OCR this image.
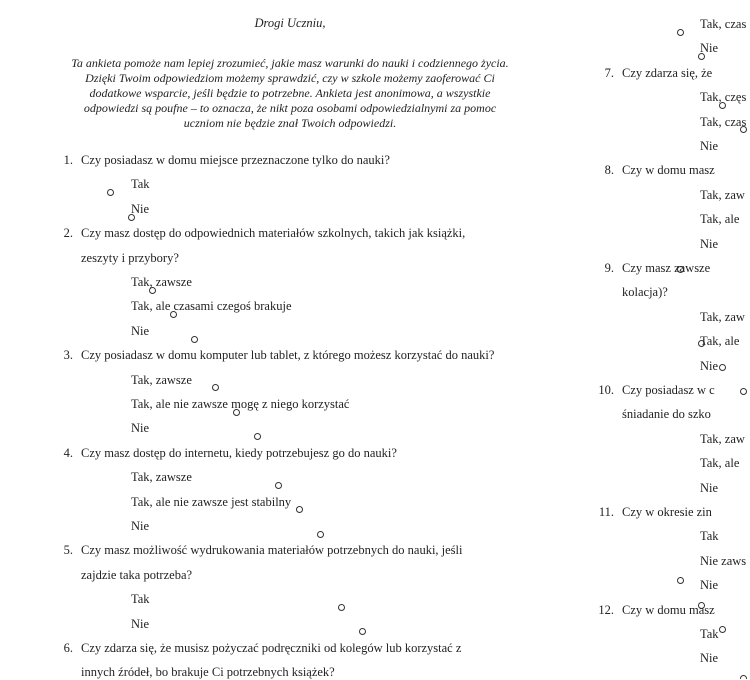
Drogi Uczniu,
Ta ankieta pomoże nam lepiej zrozumieć, jakie masz warunki do nauki i codziennego życia.
Dzięki Twoim odpowiedziom możemy sprawdzić, czy w szkole możemy zaoferować Ci
dodatkowe wsparcie, jeśli będzie to potrzebne. Ankieta jest anonimowa, a wszystkie
odpowiedzi są poufne – to oznacza, że nikt poza osobami odpowiedzialnymi za pomoc
uczniom nie będzie znał Twoich odpowiedzi.
1. Czy posiadasz w domu miejsce przeznaczone tylko do nauki?
Tak
Nie
2. Czy masz dostęp do odpowiednich materiałów szkolnych, takich jak książki,
zeszyty i przybory?
Tak, zawsze
Tak, ale czasami czegoś brakuje
Nie
3. Czy posiadasz w domu komputer lub tablet, z którego możesz korzystać do nauki?
Tak, zawsze
Tak, ale nie zawsze mogę z niego korzystać
Nie
4. Czy masz dostęp do internetu, kiedy potrzebujesz go do nauki?
Tak, zawsze
Tak, ale nie zawsze jest stabilny
Nie
5. Czy masz możliwość wydrukowania materiałów potrzebnych do nauki, jeśli
zajdzie taka potrzeba?
Tak
Nie
6. Czy zdarza się, że musisz pożyczać podręczniki od kolegów lub korzystać z
innych źródeł, bo brakuje Ci potrzebnych książek?
Tak, czas
Nie
7. Czy zdarza się, że
Tak, częs
Tak, czas
Nie
8. Czy w domu masz
Tak, zaw
Tak, ale
Nie
9. Czy masz zawsze
kolacja)?
Tak, zaw
Tak, ale
Nie
10. Czy posiadasz w c
śniadanie do szko
Tak, zaw
Tak, ale
Nie
11. Czy w okresie zin
Tak
Nie zaws
Nie
12. Czy w domu masz
Tak
Nie
